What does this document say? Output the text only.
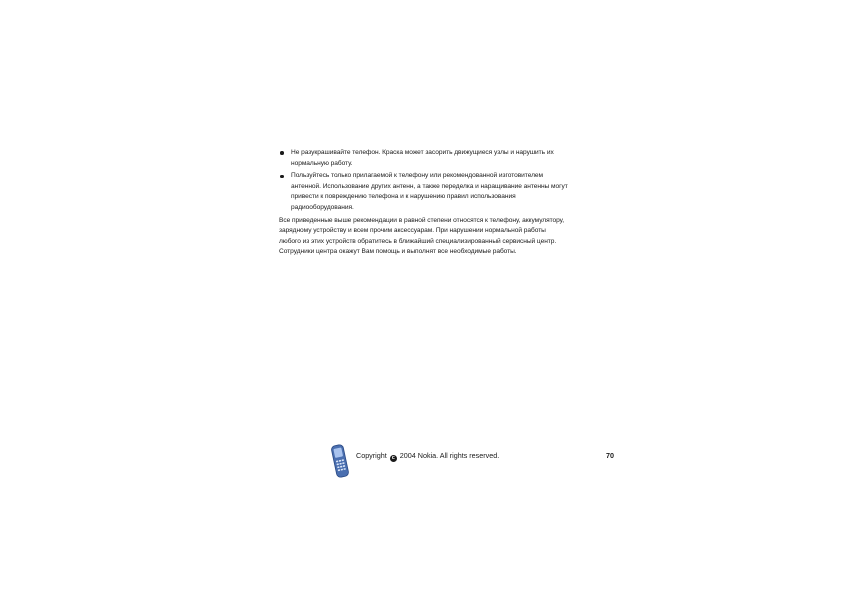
Не разукрашивайте телефон. Краска может засорить движущиеся узлы и нарушить их нормальную работу.
Пользуйтесь только прилагаемой к телефону или рекомендованной изготовителем антенной. Использование других антенн, а также переделка и наращивание антенны могут привести к повреждению телефона и к нарушению правил использования радиооборудования.
Все приведенные выше рекомендации в равной степени относятся к телефону, аккумулятору, зарядному устройству и всем прочим аксессуарам. При нарушении нормальной работы любого из этих устройств обратитесь в ближайший специализированный сервисный центр. Сотрудники центра окажут Вам помощь и выполнят все необходимые работы.
Copyright c 2004 Nokia. All rights reserved.	70
